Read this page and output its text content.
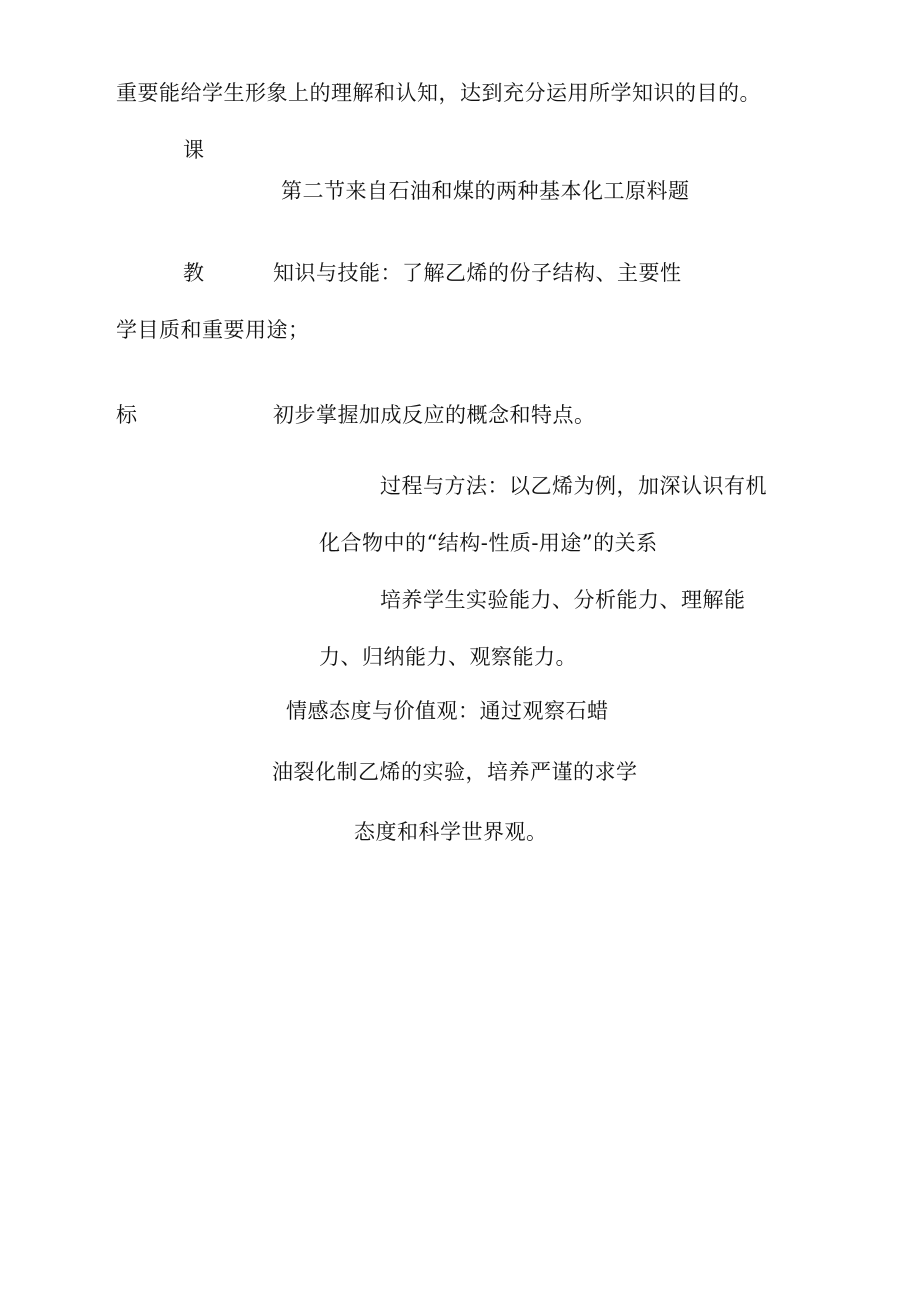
重要能给学生形象上的理解和认知，达到充分运用所学知识的目的。
课
第二节来自石油和煤的两种基本化工原料题
教	知识与技能：了解乙烯的份子结构、主要性
学目质和重要用途；
标	初步掌握加成反应的概念和特点。
过程与方法：以乙烯为例，加深认识有机
化合物中的“结构-性质-用途”的关系
培养学生实验能力、分析能力、理解能
力、归纳能力、观察能力。
情感态度与价值观：通过观察石蜡
油裂化制乙烯的实验，培养严谨的求学
态度和科学世界观。
